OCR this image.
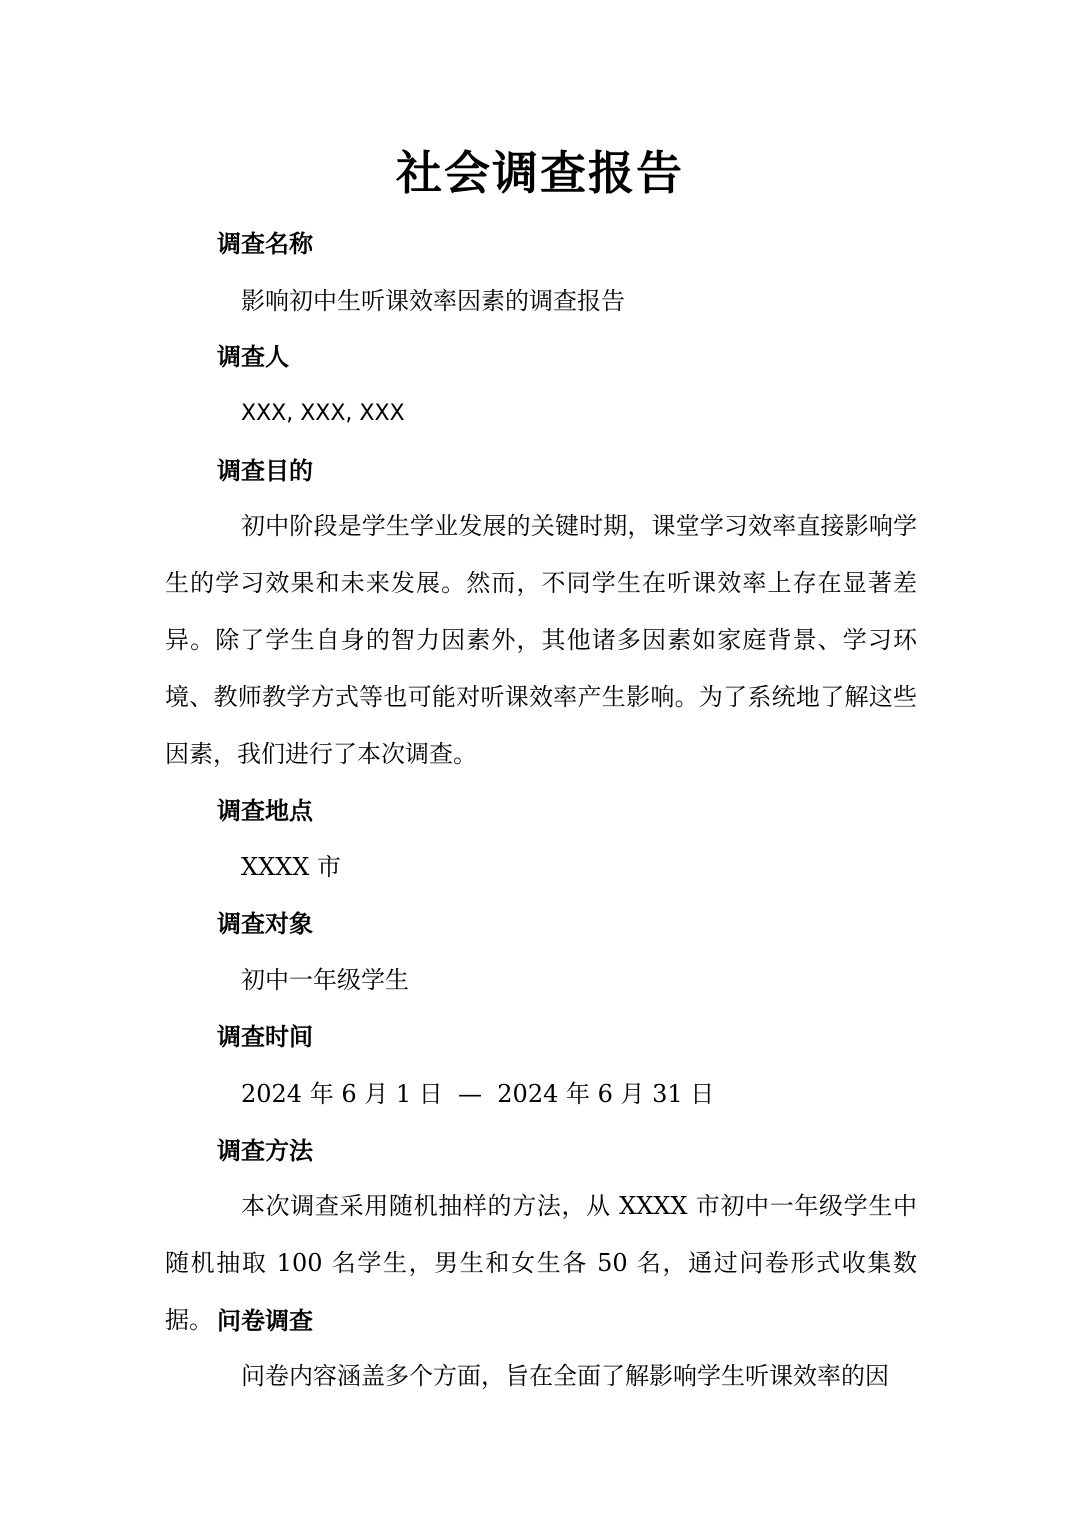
社会调查报告
调查名称
影响初中生听课效率因素的调查报告
调查人
XXX, XXX, XXX
调查目的
初中阶段是学生学业发展的关键时期，课堂学习效率直接影响学生的学习效果和未来发展。然而，不同学生在听课效率上存在显著差异。除了学生自身的智力因素外，其他诸多因素如家庭背景、学习环境、教师教学方式等也可能对听课效率产生影响。为了系统地了解这些因素，我们进行了本次调查。
调查地点
XXXX 市
调查对象
初中一年级学生
调查时间
2024 年 6 月 1 日  —  2024 年 6 月 31 日
调查方法
本次调查采用随机抽样的方法，从 XXXX 市初中一年级学生中随机抽取 100 名学生，男生和女生各 50 名，通过问卷形式收集数据。 问卷调查
问卷内容涵盖多个方面，旨在全面了解影响学生听课效率的因
